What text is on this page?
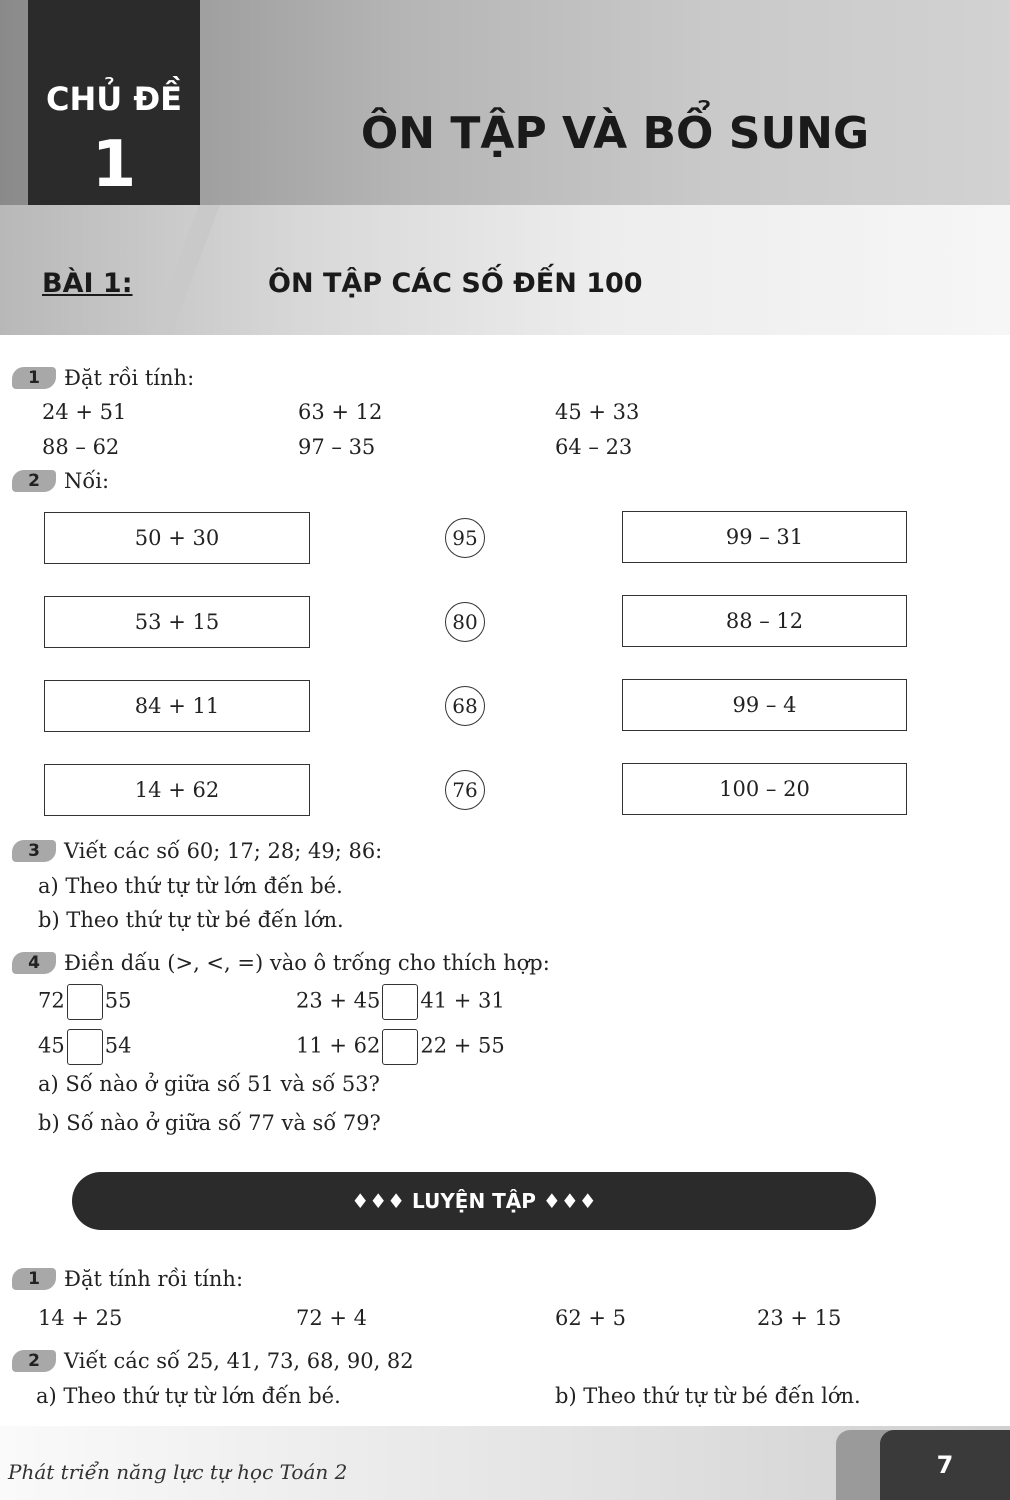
CHỦ ĐỀ
1	ÔN TẬP VÀ BỔ SUNG
BÀI 1:	ÔN TẬP CÁC SỐ ĐẾN 100
1 Đặt rồi tính:
24 + 51	63 + 12	45 + 33
88 – 62	97 – 35	64 – 23
2 Nối:
50 + 30
53 + 15
84 + 11
14 + 62
95
80
68
76
99 – 31
88 – 12
99 – 4
100 – 20
3 Viết các số 60; 17; 28; 49; 86:
a) Theo thứ tự từ lớn đến bé.
b) Theo thứ tự từ bé đến lớn.
4 Điền dấu (>, <, =) vào ô trống cho thích hợp:
72 55	23 + 45 41 + 31
45 54	11 + 62 22 + 55
a) Số nào ở giữa số 51 và số 53?
b) Số nào ở giữa số 77 và số 79?
♦♦♦ LUYỆN TẬP ♦♦♦
1 Đặt tính rồi tính:
14 + 25	72 + 4	62 + 5	23 + 15
2 Viết các số 25, 41, 73, 68, 90, 82
a) Theo thứ tự từ lớn đến bé.	b) Theo thứ tự từ bé đến lớn.
Phát triển năng lực tự học Toán 2	7
